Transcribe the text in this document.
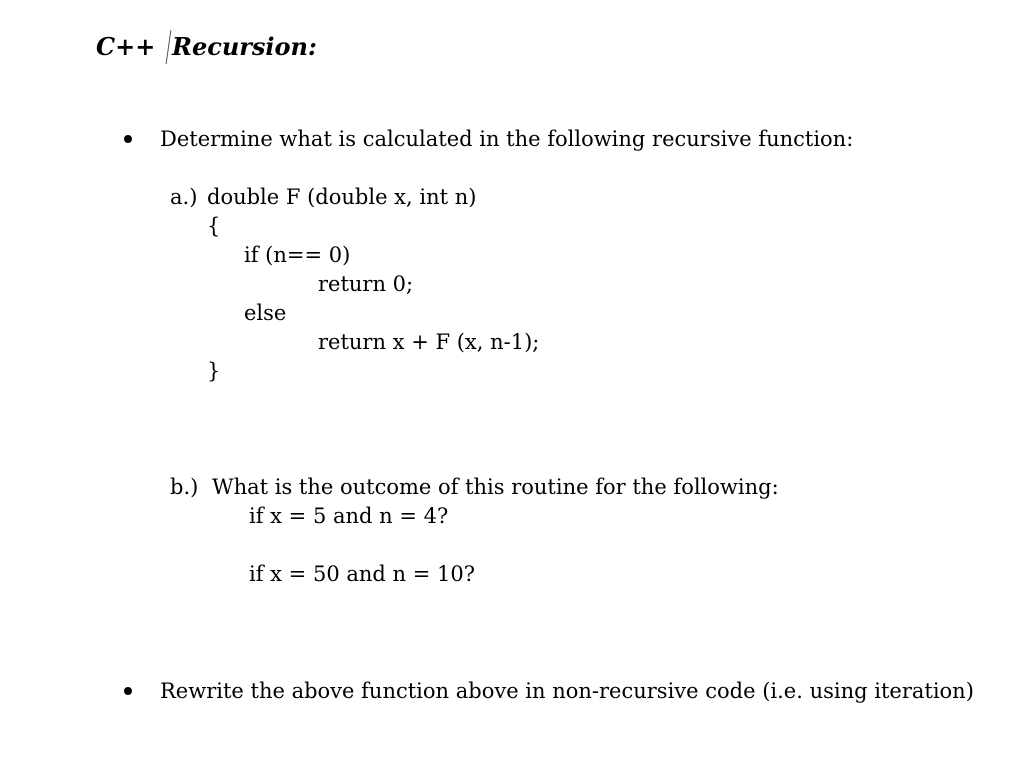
C++ Recursion:
Determine what is calculated in the following recursive function:
a.) double F (double x, int n)
{
if (n== 0)
return 0;
else
return x + F (x, n-1);
}
b.) What is the outcome of this routine for the following:
if x = 5 and n = 4?
if x = 50 and n = 10?
Rewrite the above function above in non-recursive code (i.e. using iteration)
